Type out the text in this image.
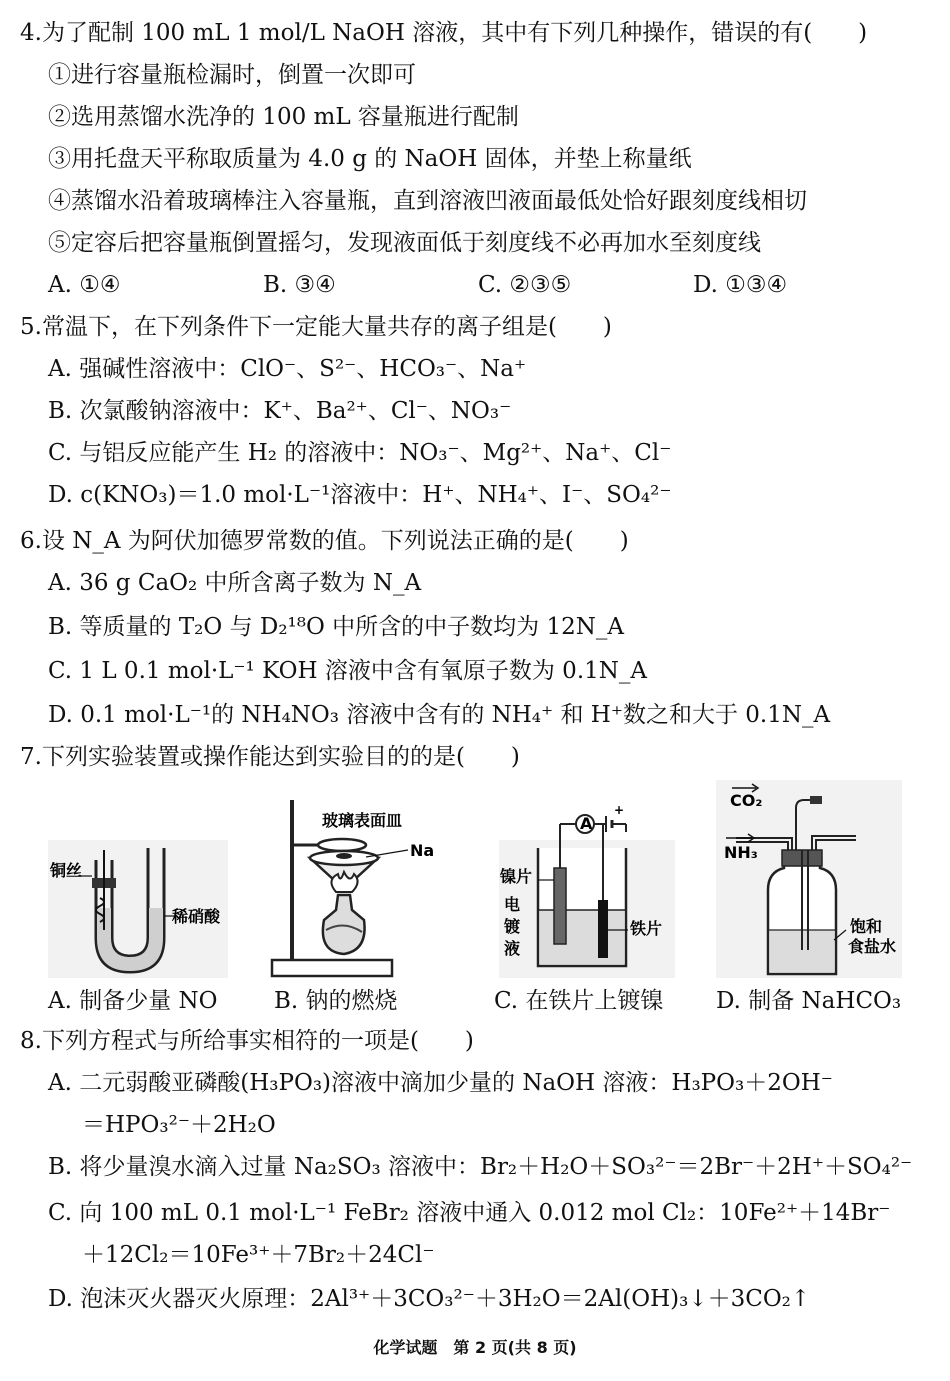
4.为了配制 100 mL 1 mol/L NaOH 溶液，其中有下列几种操作，错误的有(　　)
①进行容量瓶检漏时，倒置一次即可
②选用蒸馏水洗净的 100 mL 容量瓶进行配制
③用托盘天平称取质量为 4.0 g 的 NaOH 固体，并垫上称量纸
④蒸馏水沿着玻璃棒注入容量瓶，直到溶液凹液面最低处恰好跟刻度线相切
⑤定容后把容量瓶倒置摇匀，发现液面低于刻度线不必再加水至刻度线
A. ①④	B. ③④	C. ②③⑤	D. ①③④
5.常温下，在下列条件下一定能大量共存的离子组是(　　)
A. 强碱性溶液中：ClO⁻、S²⁻、HCO₃⁻、Na⁺
B. 次氯酸钠溶液中：K⁺、Ba²⁺、Cl⁻、NO₃⁻
C. 与铝反应能产生 H₂ 的溶液中：NO₃⁻、Mg²⁺、Na⁺、Cl⁻
D. c(KNO₃)＝1.0 mol·L⁻¹溶液中：H⁺、NH₄⁺、I⁻、SO₄²⁻
6.设 N_A 为阿伏加德罗常数的值。下列说法正确的是(　　)
A. 36 g CaO₂ 中所含离子数为 N_A
B. 等质量的 T₂O 与 D₂¹⁸O 中所含的中子数均为 12N_A
C. 1 L 0.1 mol·L⁻¹ KOH 溶液中含有氧原子数为 0.1N_A
D. 0.1 mol·L⁻¹的 NH₄NO₃ 溶液中含有的 NH₄⁺ 和 H⁺数之和大于 0.1N_A
7.下列实验装置或操作能达到实验目的的是(　　)
铜丝
稀硝酸
玻璃表面皿
Na
A
+
镍片
电
镀
液
铁片
CO₂
NH₃
饱和
食盐水
A. 制备少量 NO B. 钠的燃烧	C. 在铁片上镀镍 D. 制备 NaHCO₃
8.下列方程式与所给事实相符的一项是(　　)
A. 二元弱酸亚磷酸(H₃PO₃)溶液中滴加少量的 NaOH 溶液：H₃PO₃＋2OH⁻
＝HPO₃²⁻＋2H₂O
B. 将少量溴水滴入过量 Na₂SO₃ 溶液中：Br₂＋H₂O＋SO₃²⁻＝2Br⁻＋2H⁺＋SO₄²⁻
C. 向 100 mL 0.1 mol·L⁻¹ FeBr₂ 溶液中通入 0.012 mol Cl₂：10Fe²⁺＋14Br⁻
＋12Cl₂＝10Fe³⁺＋7Br₂＋24Cl⁻
D. 泡沫灭火器灭火原理：2Al³⁺＋3CO₃²⁻＋3H₂O＝2Al(OH)₃↓＋3CO₂↑
化学试题　第 2 页(共 8 页)
